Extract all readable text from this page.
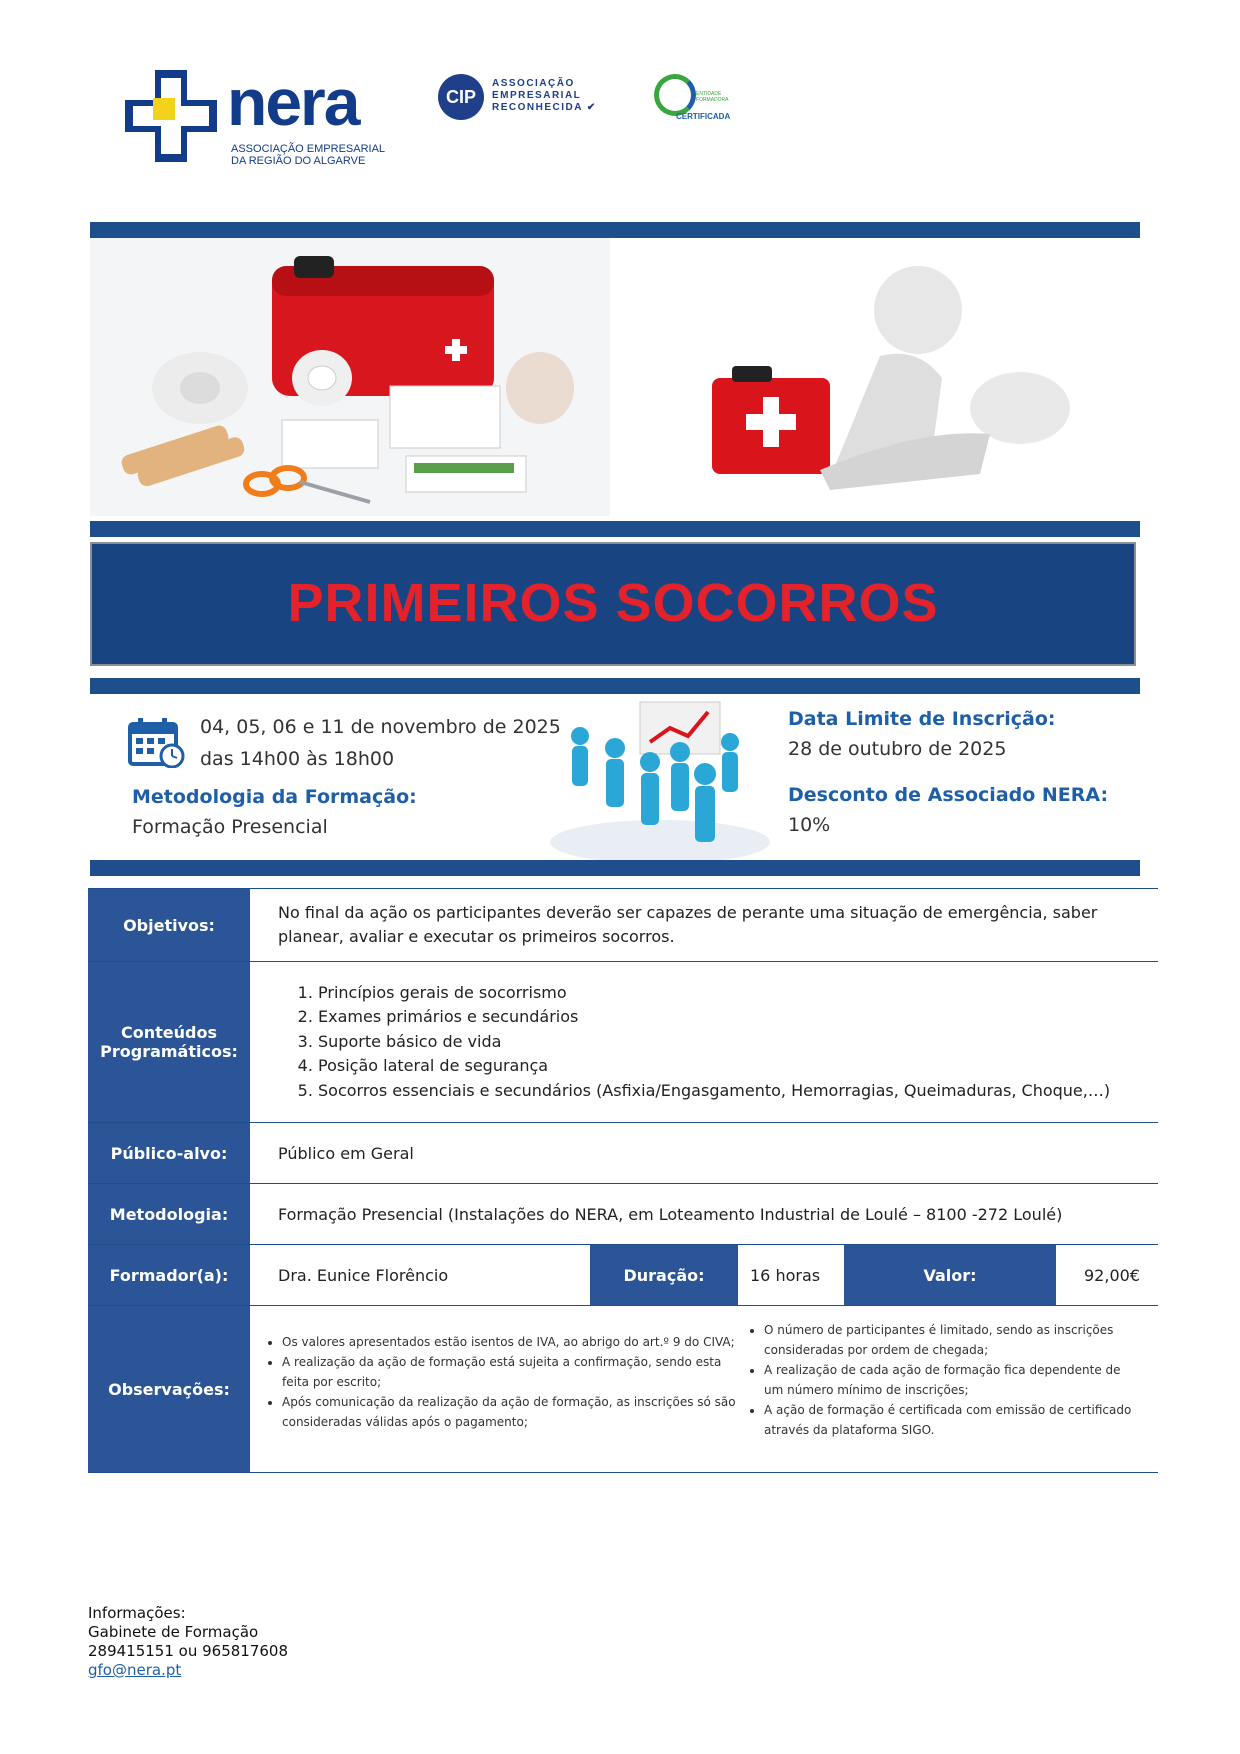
nera
ASSOCIAÇÃO EMPRESARIAL
DA REGIÃO DO ALGARVE
CIP
ASSOCIAÇÃO
EMPRESARIAL
RECONHECIDA ✔
ENTIDADE FORMADORA
CERTIFICADA
PRIMEIROS SOCORROS
04, 05, 06 e 11 de novembro de 2025
das 14h00 às 18h00
Metodologia da Formação:
Formação Presencial
Data Limite de Inscrição:
28 de outubro de 2025
Desconto de Associado NERA:
10%
Objetivos:
No final da ação os participantes deverão ser capazes de perante uma situação de emergência, saber planear, avaliar e executar os primeiros socorros.
Conteúdos
Programáticos:
1. Princípios gerais de socorrismo
2. Exames primários e secundários
3. Suporte básico de vida
4. Posição lateral de segurança
5. Socorros essenciais e secundários (Asfixia/Engasgamento, Hemorragias, Queimaduras, Choque,…)
Público-alvo:	Público em Geral
Metodologia:	Formação Presencial (Instalações do NERA, em Loteamento Industrial de Loulé – 8100 -272 Loulé)
Formador(a):	Dra. Eunice Florêncio	Duração:	16 horas	Valor:	92,00€
Observações:
• Os valores apresentados estão isentos de IVA, ao abrigo do art.º 9 do CIVA;
• A realização da ação de formação está sujeita a confirmação, sendo esta feita por escrito;
• Após comunicação da realização da ação de formação, as inscrições só são consideradas válidas após o pagamento;
• O número de participantes é limitado, sendo as inscrições consideradas por ordem de chegada;
• A realização de cada ação de formação fica dependente de um número mínimo de inscrições;
• A ação de formação é certificada com emissão de certificado através da plataforma SIGO.
Informações:
Gabinete de Formação
289415151 ou 965817608
gfo@nera.pt
